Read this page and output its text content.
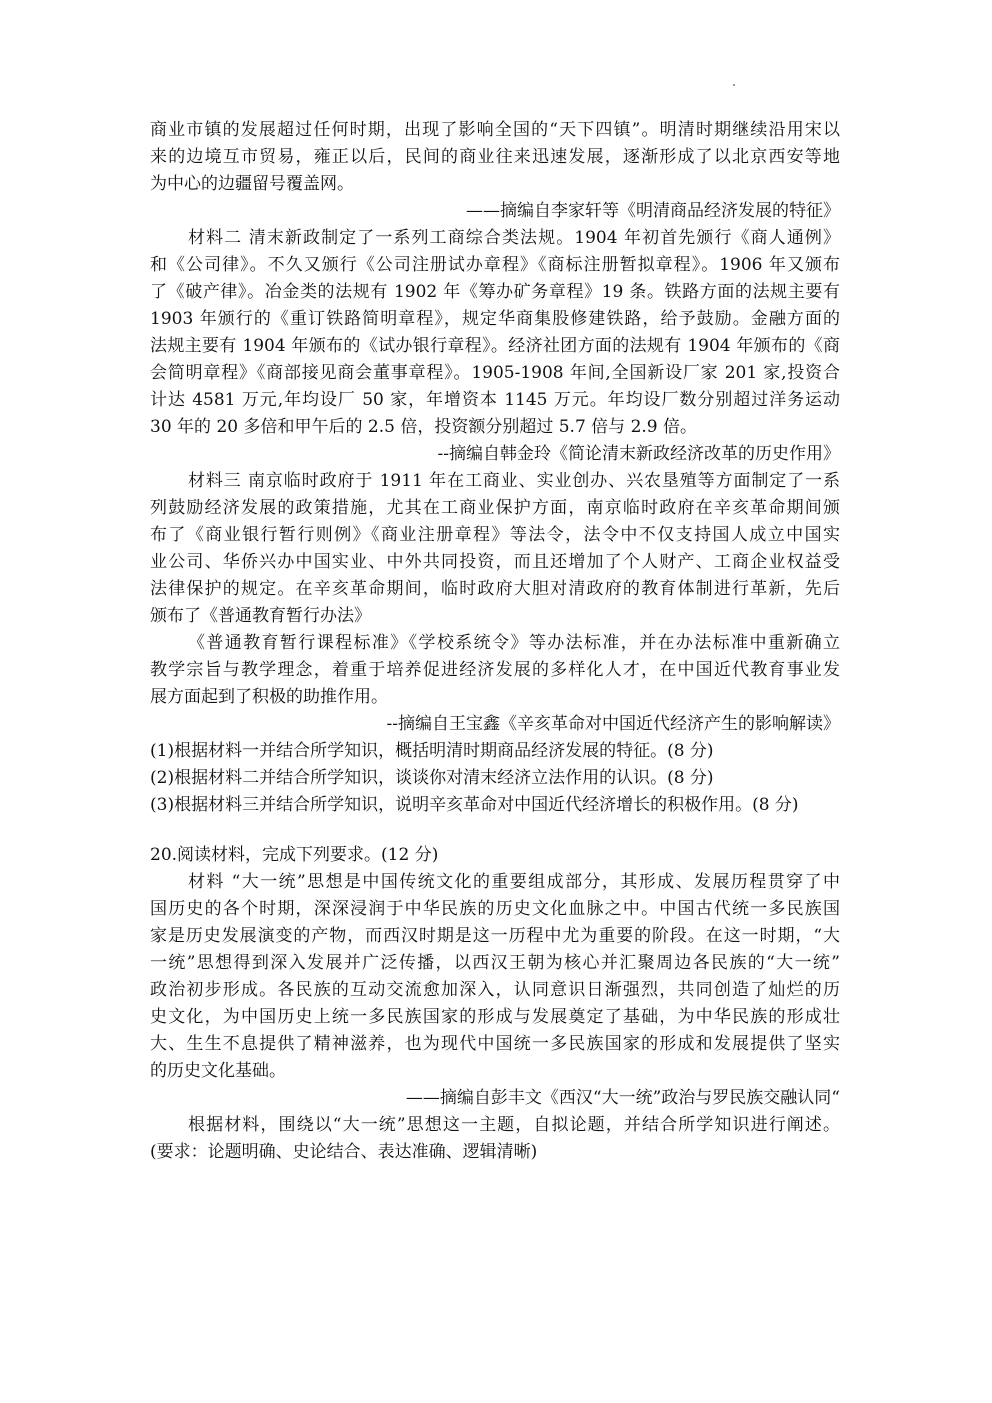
商业市镇的发展超过任何时期，出现了影响全国的“天下四镇”。明清时期继续沿用宋以
来的边境互市贸易，雍正以后，民间的商业往来迅速发展，逐渐形成了以北京西安等地
为中心的边疆留号覆盖网。
——摘编自李家轩等《明清商品经济发展的特征》
材料二 清末新政制定了一系列工商综合类法规。1904 年初首先颁行《商人通例》
和《公司律》。不久又颁行《公司注册试办章程》《商标注册暂拟章程》。1906 年又颁布
了《破产律》。冶金类的法规有 1902 年《筹办矿务章程》19 条。铁路方面的法规主要有
1903 年颁行的《重订铁路简明章程》，规定华商集股修建铁路，给予鼓励。金融方面的
法规主要有 1904 年颁布的《试办银行章程》。经济社团方面的法规有 1904 年颁布的《商
会简明章程》《商部接见商会董事章程》。1905-1908 年间,全国新设厂家 201 家,投资合
计达 4581 万元,年均设厂 50 家，年增资本 1145 万元。年均设厂数分别超过洋务运动
30 年的 20 多倍和甲午后的 2.5 倍，投资额分别超过 5.7 倍与 2.9 倍。
--摘编自韩金玲《简论清末新政经济改革的历史作用》
材料三 南京临时政府于 1911 年在工商业、实业创办、兴农垦殖等方面制定了一系
列鼓励经济发展的政策措施，尤其在工商业保护方面，南京临时政府在辛亥革命期间颁
布了《商业银行暂行则例》《商业注册章程》等法令，法令中不仅支持国人成立中国实
业公司、华侨兴办中国实业、中外共同投资，而且还增加了个人财产、工商企业权益受
法律保护的规定。在辛亥革命期间，临时政府大胆对清政府的教育体制进行革新，先后
颁布了《普通教育暂行办法》
《普通教育暂行课程标准》《学校系统令》等办法标准，并在办法标准中重新确立
教学宗旨与教学理念，着重于培养促进经济发展的多样化人才，在中国近代教育事业发
展方面起到了积极的助推作用。
--摘编自王宝鑫《辛亥革命对中国近代经济产生的影响解读》
(1)根据材料一并结合所学知识，概括明清时期商品经济发展的特征。(8 分)
(2)根据材料二并结合所学知识，谈谈你对清末经济立法作用的认识。(8 分)
(3)根据材料三并结合所学知识，说明辛亥革命对中国近代经济增长的积极作用。(8 分)
20.阅读材料，完成下列要求。(12 分)
材料 “大一统”思想是中国传统文化的重要组成部分，其形成、发展历程贯穿了中
国历史的各个时期，深深浸润于中华民族的历史文化血脉之中。中国古代统一多民族国
家是历史发展演变的产物，而西汉时期是这一历程中尤为重要的阶段。在这一时期，“大
一统”思想得到深入发展并广泛传播，以西汉王朝为核心并汇聚周边各民族的“大一统”
政治初步形成。各民族的互动交流愈加深入，认同意识日渐强烈，共同创造了灿烂的历
史文化，为中国历史上统一多民族国家的形成与发展奠定了基础，为中华民族的形成壮
大、生生不息提供了精神滋养，也为现代中国统一多民族国家的形成和发展提供了坚实
的历史文化基础。
——摘编自彭丰文《西汉“大一统”政治与罗民族交融认同“
根据材料，围绕以“大一统”思想这一主题，自拟论题，并结合所学知识进行阐述。
(要求：论题明确、史论结合、表达准确、逻辑清晰)
